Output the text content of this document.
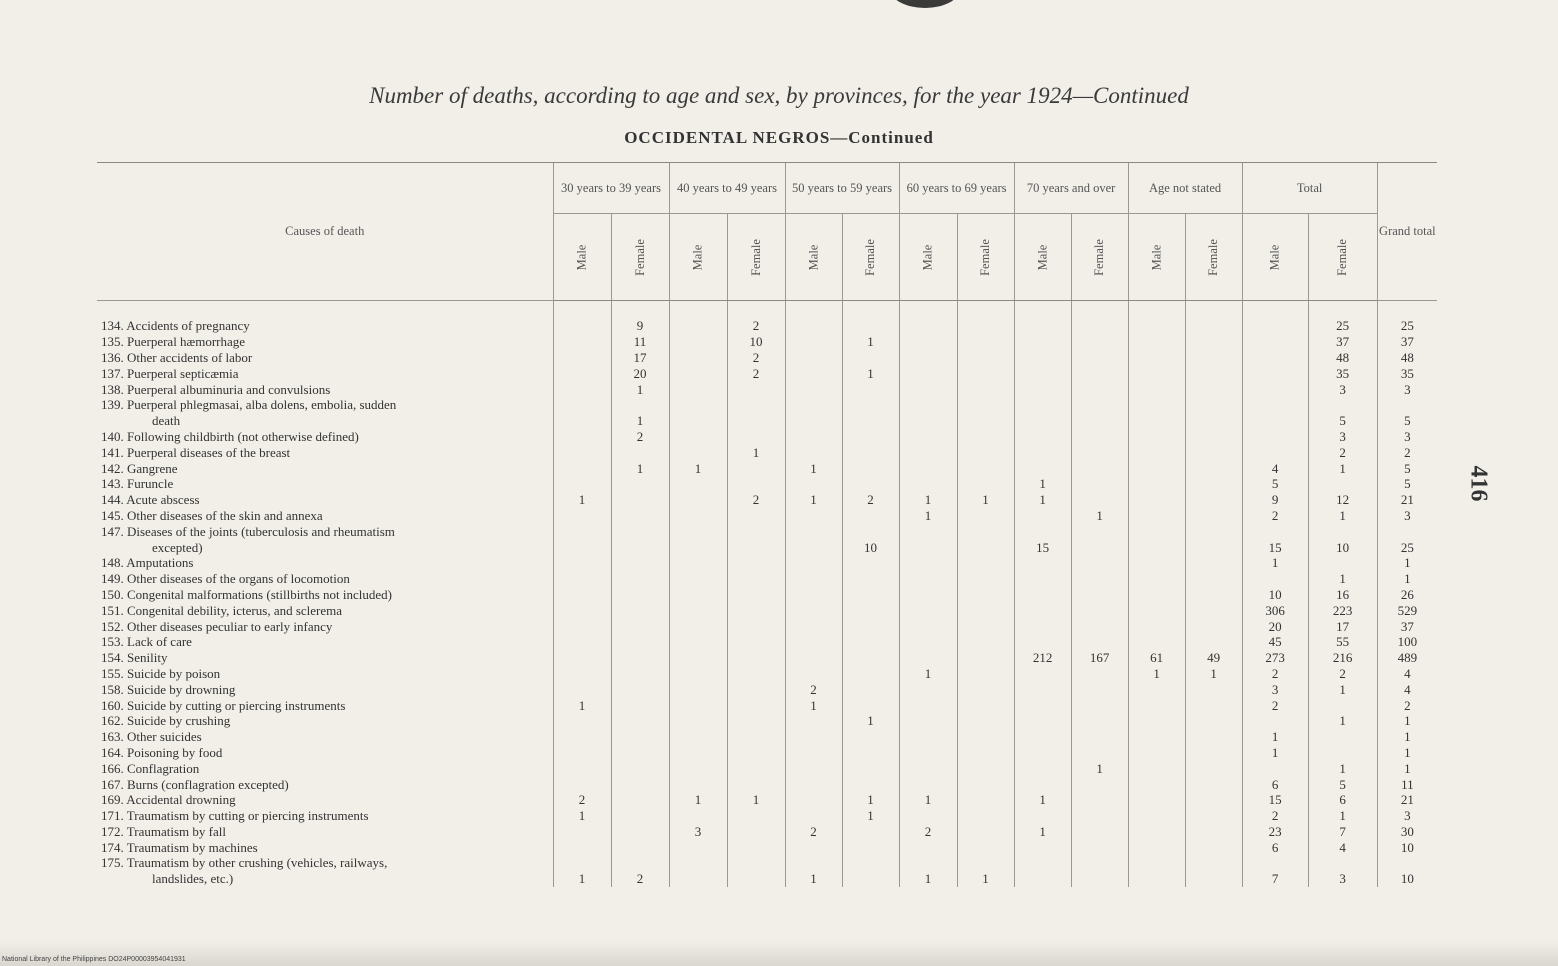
Number of deaths, according to age and sex, by provinces, for the year 1924—Continued
OCCIDENTAL NEGROS—Continued
416
Causes of death	30 years to 39 years		40 years to 49 years		50 years to 59 years		60 years to 69 years		70 years and over		Age not stated		Total		Grand total
	Male	Female	Male	Female	Male	Female	Male	Female	Male	Female	Male	Female	Male	Female	
134. Accidents of pregnancy		9		2										25	25
135. Puerperal hæmorrhage		11		10		1								37	37
136. Other accidents of labor		17		2										48	48
137. Puerperal septicæmia		20		2		1								35	35
138. Puerperal albuminuria and convulsions		1												3	3
139. Puerperal phlegmasai, alba dolens, embolia, sudden															
death		1												5	5
140. Following childbirth (not otherwise defined)		2												3	3
141. Puerperal diseases of the breast				1										2	2
142. Gangrene		1	1		1								4	1	5
143. Furuncle									1				5		5
144. Acute abscess	1			2	1	2	1	1	1				9	12	21
145. Other diseases of the skin and annexa							1			1			2	1	3
147. Diseases of the joints (tuberculosis and rheumatism															
excepted)						10			15				15	10	25
148. Amputations													1		1
149. Other diseases of the organs of locomotion														1	1
150. Congenital malformations (stillbirths not included)													10	16	26
151. Congenital debility, icterus, and sclerema													306	223	529
152. Other diseases peculiar to early infancy													20	17	37
153. Lack of care													45	55	100
154. Senility									212	167	61	49	273	216	489
155. Suicide by poison							1				1	1	2	2	4
158. Suicide by drowning					2								3	1	4
160. Suicide by cutting or piercing instruments	1				1								2		2
162. Suicide by crushing						1								1	1
163. Other suicides													1		1
164. Poisoning by food													1		1
166. Conflagration										1				1	1
167. Burns (conflagration excepted)													6	5	11
169. Accidental drowning	2		1	1		1	1		1				15	6	21
171. Traumatism by cutting or piercing instruments	1					1							2	1	3
172. Traumatism by fall			3		2		2		1				23	7	30
174. Traumatism by machines													6	4	10
175. Traumatism by other crushing (vehicles, railways,															
landslides, etc.)	1	2			1		1	1					7	3	10
National Library of the Philippines DO24P00003954041931
